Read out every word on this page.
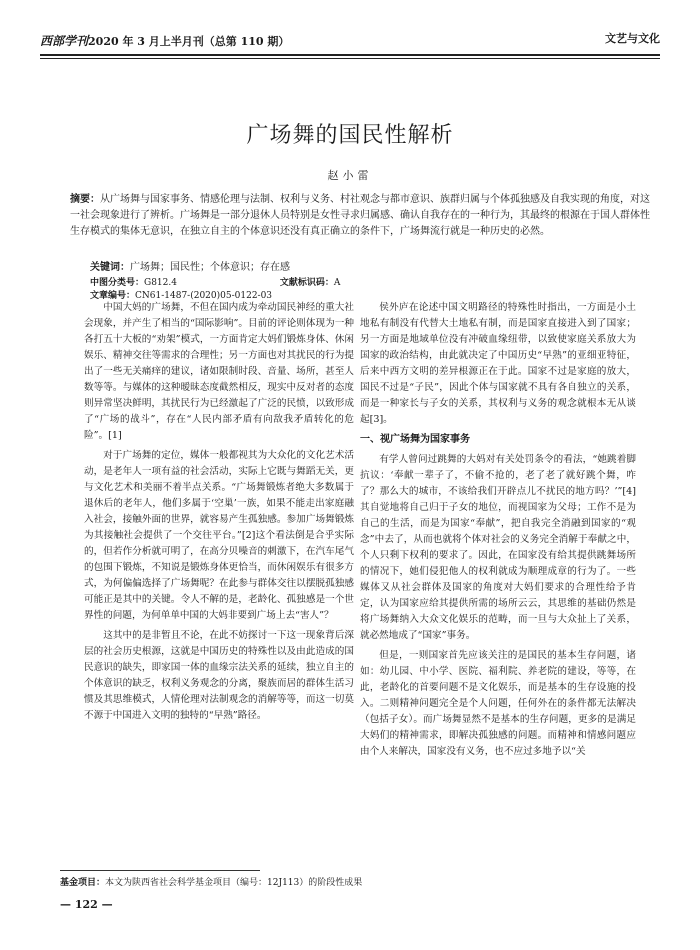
西部学刊2020 年 3 月上半月刊（总第 110 期）	文艺与文化
广场舞的国民性解析
赵小雷
摘要：从广场舞与国家事务、情感伦理与法制、权利与义务、村社观念与都市意识、族群归属与个体孤独感及自我实现的角度，对这一社会现象进行了辨析。广场舞是一部分退休人员特别是女性寻求归属感、确认自我存在的一种行为，其最终的根源在于国人群体性生存模式的集体无意识，在独立自主的个体意识还没有真正确立的条件下，广场舞流行就是一种历史的必然。
关键词：广场舞；国民性；个体意识；存在感
中图分类号：G812.4	文献标识码：A 文章编号：CN61-1487-(2020)05-0122-03

中国大妈的广场舞，不但在国内成为牵动国民神经的重大社会现象，并产生了相当的“国际影响”。目前的评论则体现为一种各打五十大板的“劝架”模式，一方面肯定大妈们锻炼身体、休闲娱乐、精神交往等需求的合理性；另一方面也对其扰民的行为提出了一些无关痛痒的建议，诸如限制时段、音量、场所，甚至人数等等。与媒体的这种暧昧态度截然相反，现实中反对者的态度则异常坚决鲜明，其扰民行为已经激起了广泛的民愤，以致形成了“广场的战斗”，存在“人民内部矛盾有向敌我矛盾转化的危险”。[1]

对于广场舞的定位，媒体一般都视其为大众化的文化艺术活动，是老年人一项有益的社会活动，实际上它既与舞蹈无关，更与文化艺术和美丽不着半点关系。“广场舞锻炼者绝大多数属于退休后的老年人，他们多属于‘空巢’一族，如果不能走出家庭融入社会，接触外面的世界，就容易产生孤独感。参加广场舞锻炼为其接触社会提供了一个交往平台。”[2]这个看法倒是合乎实际的，但若作分析就可明了，在高分贝噪音的刺激下，在汽车尾气的包围下锻炼，不知说是锻炼身体更恰当，而休闲娱乐有很多方式，为何偏偏选择了广场舞呢？在此参与群体交往以摆脱孤独感可能正是其中的关键。令人不解的是，老龄化、孤独感是一个世界性的问题，为何单单中国的大妈非要到广场上去“害人”？

这其中的是非暂且不论，在此不妨探讨一下这一现象背后深层的社会历史根源，这就是中国历史的特殊性以及由此造成的国民意识的缺失，即家国一体的血缘宗法关系的延续，独立自主的个体意识的缺乏，权利义务观念的分离，聚族而居的群体生活习惯及其思维模式，人情伦理对法制观念的消解等等，而这一切莫不源于中国进入文明的独特的“早熟”路径。

侯外庐在论述中国文明路径的特殊性时指出，一方面是小土地私有制没有代替大土地私有制，而是国家直接进入到了国家；另一方面是地域单位没有冲破血缘纽带，以致使家庭关系放大为国家的政治结构，由此就决定了中国历史“早熟”的亚细亚特征，后来中西方文明的差异根源正在于此。国家不过是家庭的放大，国民不过是“子民”，因此个体与国家就不具有各自独立的关系，而是一种家长与子女的关系，其权利与义务的观念就根本无从谈起[3]。

一、视广场舞为国家事务

有学人曾问过跳舞的大妈对有关处罚条令的看法，“她跳着脚抗议：‘奉献一辈子了，不偷不抢的，老了老了就好跳个舞，咋了？那么大的城市，不该给我们开辟点儿不扰民的地方吗？’”[4]其自觉地将自己归于子女的地位，而视国家为父母；工作不是为自己的生活，而是为国家“奉献”，把自我完全消融到国家的“观念”中去了，从而也就将个体对社会的义务完全消解于奉献之中，个人只剩下权利的要求了。因此，在国家没有给其提供跳舞场所的情况下，她们侵犯他人的权利就成为顺理成章的行为了。一些媒体又从社会群体及国家的角度对大妈们要求的合理性给予肯定，认为国家应给其提供所需的场所云云，其思维的基础仍然是将广场舞纳入大众文化娱乐的范畴，而一旦与大众扯上了关系，就必然地成了“国家”事务。

但是，一则国家首先应该关注的是国民的基本生存问题，诸如：幼儿园、中小学、医院、福利院、养老院的建设，等等，在此，老龄化的首要问题不是文化娱乐，而是基本的生存设施的投入。二则精神问题完全是个人问题，任何外在的条件都无法解决（包括子女）。而广场舞显然不是基本的生存问题，更多的是满足大妈们的精神需求，即解决孤独感的问题。而精神和情感问题应由个人来解决，国家没有义务，也不应过多地予以“关

基金项目：本文为陕西省社会科学基金项目（编号：12J113）的阶段性成果
— 122 —
